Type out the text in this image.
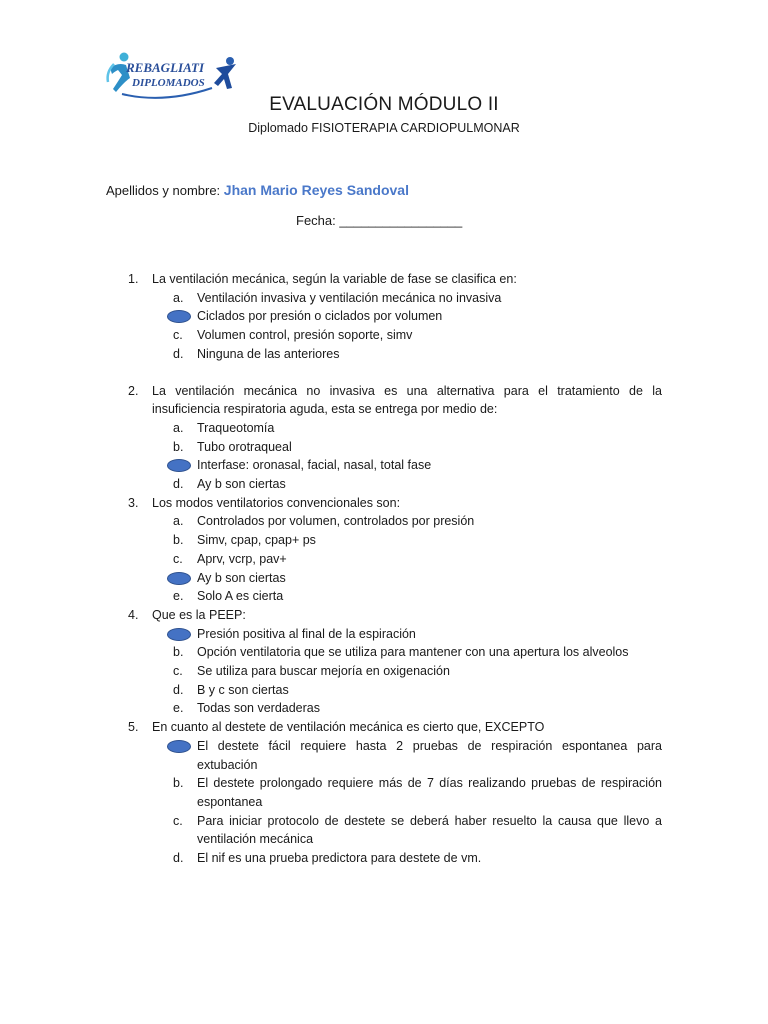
REBAGLIATI
DIPLOMADOS
EVALUACIÓN MÓDULO II
Diplomado FISIOTERAPIA CARDIOPULMONAR
Apellidos y nombre: Jhan Mario Reyes Sandoval
Fecha: _________________
1. La ventilación mecánica, según la variable de fase se clasifica en:
a. Ventilación invasiva y ventilación mecánica no invasiva
Ciclados por presión o ciclados por volumen
c. Volumen control, presión soporte, simv
d. Ninguna de las anteriores
2. La ventilación mecánica no invasiva es una alternativa para el tratamiento de la insuficiencia respiratoria aguda, esta se entrega por medio de:
a. Traqueotomía
b. Tubo orotraqueal
Interfase: oronasal, facial, nasal, total fase
d. Ay b son ciertas
3. Los modos ventilatorios convencionales son:
a. Controlados por volumen, controlados por presión
b. Simv, cpap, cpap+ ps
c. Aprv, vcrp, pav+
Ay b son ciertas
e. Solo A es cierta
4. Que es la PEEP:
Presión positiva al final de la espiración
b. Opción ventilatoria que se utiliza para mantener con una apertura los alveolos
c. Se utiliza para buscar mejoría en oxigenación
d. B y c son ciertas
e. Todas son verdaderas
5. En cuanto al destete de ventilación mecánica es cierto que, EXCEPTO
El destete fácil requiere hasta 2 pruebas de respiración espontanea para extubación
b. El destete prolongado requiere más de 7 días realizando pruebas de respiración espontanea
c. Para iniciar protocolo de destete se deberá haber resuelto la causa que llevo a ventilación mecánica
d. El nif es una prueba predictora para destete de vm.
